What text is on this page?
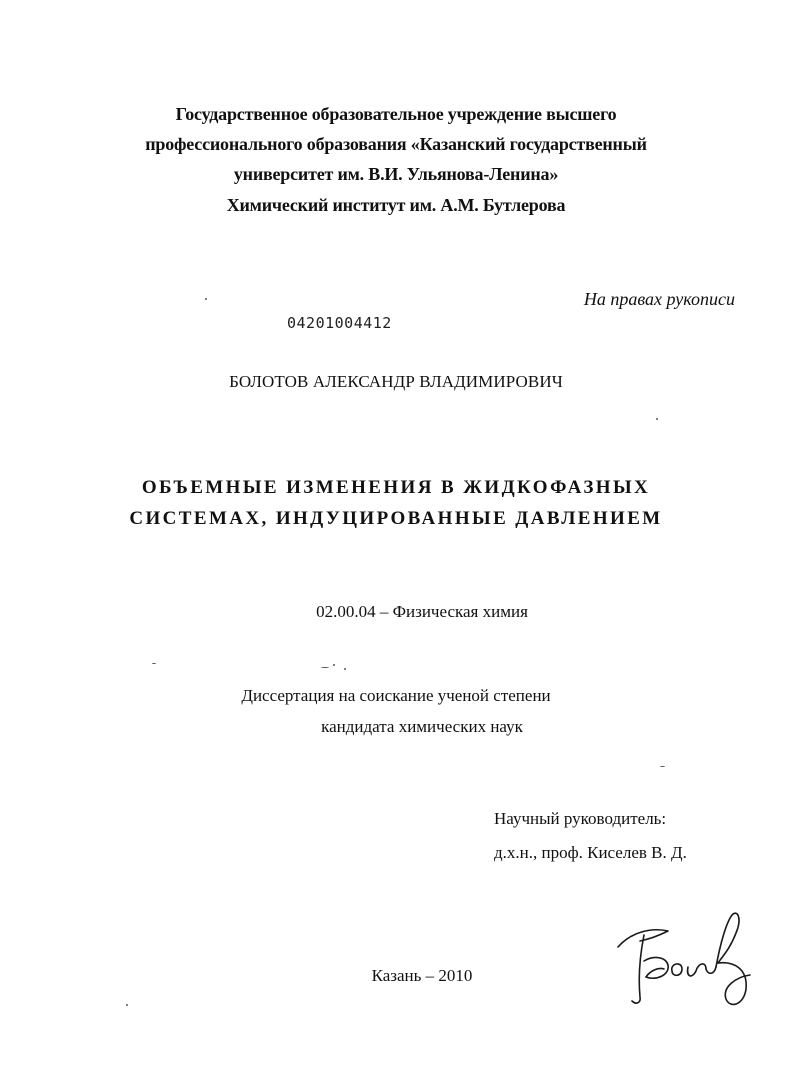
Государственное образовательное учреждение высшего
профессионального образования «Казанский государственный
университет им. В.И. Ульянова-Ленина»
Химический институт им. А.М. Бутлерова
На правах рукописи
04201004412
БОЛОТОВ АЛЕКСАНДР ВЛАДИМИРОВИЧ
ОБЪЕМНЫЕ ИЗМЕНЕНИЯ В ЖИДКОФАЗНЫХ
СИСТЕМАХ, ИНДУЦИРОВАННЫЕ ДАВЛЕНИЕМ
02.00.04 – Физическая химия
Диссертация на соискание ученой степени
кандидата химических наук
Научный руководитель:
д.х.н., проф. Киселев В. Д.
Казань – 2010
